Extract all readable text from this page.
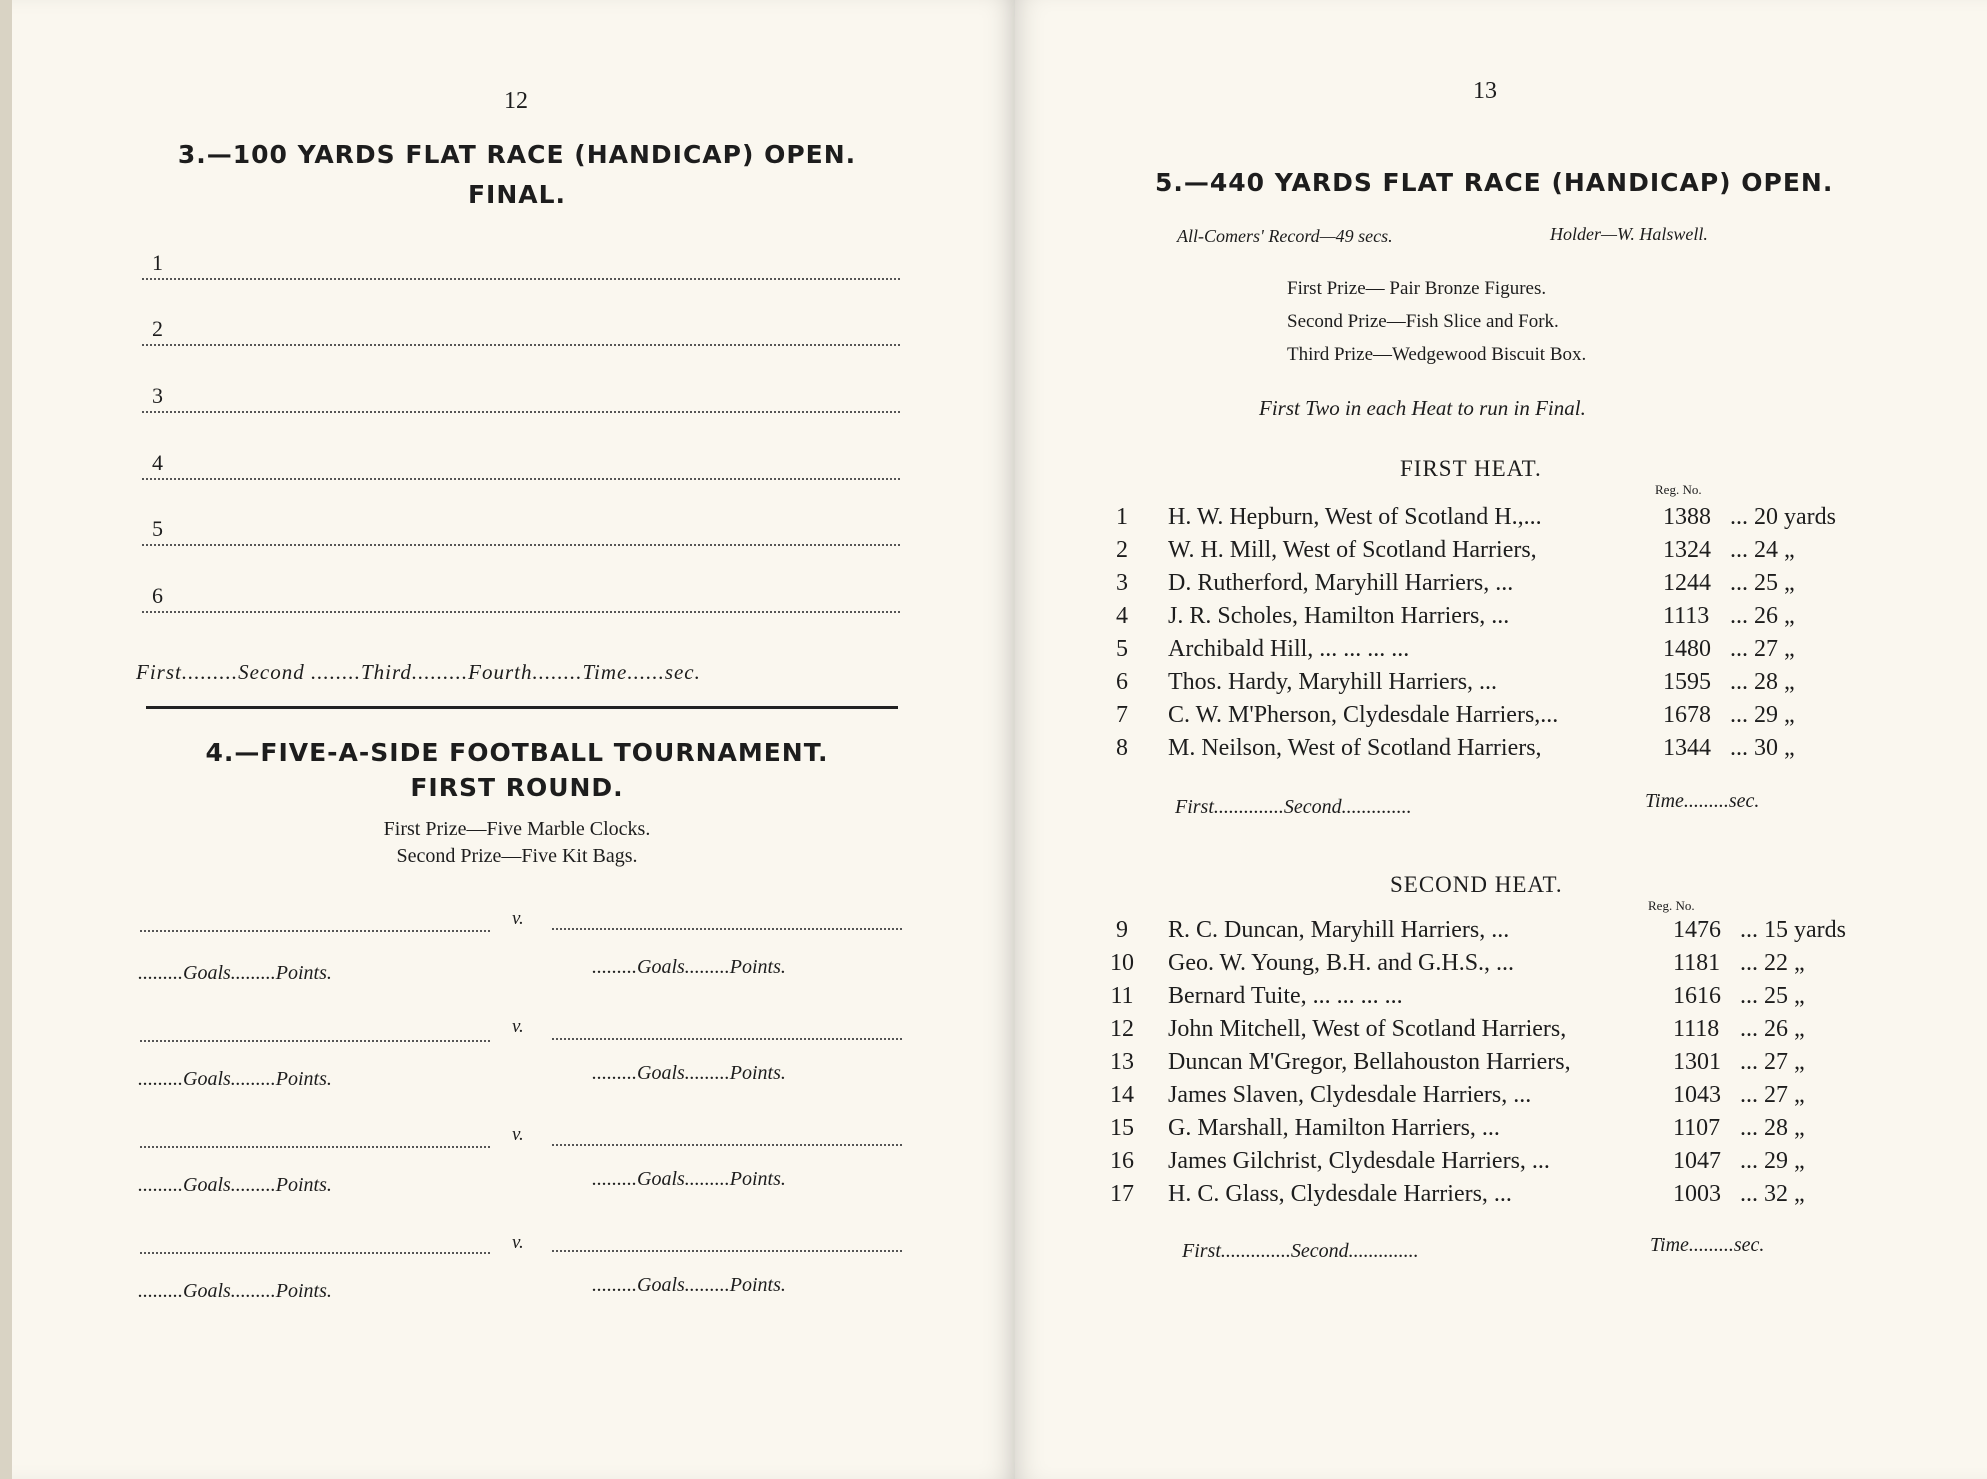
12
3.—100 YARDS FLAT RACE (HANDICAP) OPEN.
FINAL.
1
2
3
4
5
6
First.........Second ........Third.........Fourth........Time......sec.
4.—FIVE-A-SIDE FOOTBALL TOURNAMENT.
FIRST ROUND.
First Prize—Five Marble Clocks.
Second Prize—Five Kit Bags.
v.
.........Goals.........Points.	.........Goals.........Points.
v.
.........Goals.........Points.	.........Goals.........Points.
v.
.........Goals.........Points.	.........Goals.........Points.
v.
.........Goals.........Points.	.........Goals.........Points.
13
5.—440 YARDS FLAT RACE (HANDICAP) OPEN.
All-Comers' Record—49 secs.	Holder—W. Halswell.
First Prize— Pair Bronze Figures.
Second Prize—Fish Slice and Fork.
Third Prize—Wedgewood Biscuit Box.
First Two in each Heat to run in Final.
FIRST HEAT.
Reg. No.
1	H. W. Hepburn, West of Scotland H.,...	1388 ... 20 yards
2	W. H. Mill, West of Scotland Harriers,	1324 ... 24 „
3	D. Rutherford, Maryhill Harriers, ...	1244 ... 25 „
4	J. R. Scholes, Hamilton Harriers, ...	1113 ... 26 „
5	Archibald Hill, ... ... ... ...	1480 ... 27 „
6	Thos. Hardy, Maryhill Harriers, ...	1595 ... 28 „
7	C. W. M'Pherson, Clydesdale Harriers,...	1678 ... 29 „
8	M. Neilson, West of Scotland Harriers,	1344 ... 30 „
First..............Second..............	Time.........sec.
SECOND HEAT.
Reg. No.
9	R. C. Duncan, Maryhill Harriers, ...	1476 ... 15 yards
10 Geo. W. Young, B.H. and G.H.S., ...	1181 ... 22 „
11 Bernard Tuite, ... ... ... ...	1616 ... 25 „
12 John Mitchell, West of Scotland Harriers,	1118 ... 26 „
13 Duncan M'Gregor, Bellahouston Harriers,	1301 ... 27 „
14 James Slaven, Clydesdale Harriers, ...	1043 ... 27 „
15 G. Marshall, Hamilton Harriers, ...	1107 ... 28 „
16 James Gilchrist, Clydesdale Harriers, ...	1047 ... 29 „
17 H. C. Glass, Clydesdale Harriers, ...	1003 ... 32 „
First..............Second..............	Time.........sec.
